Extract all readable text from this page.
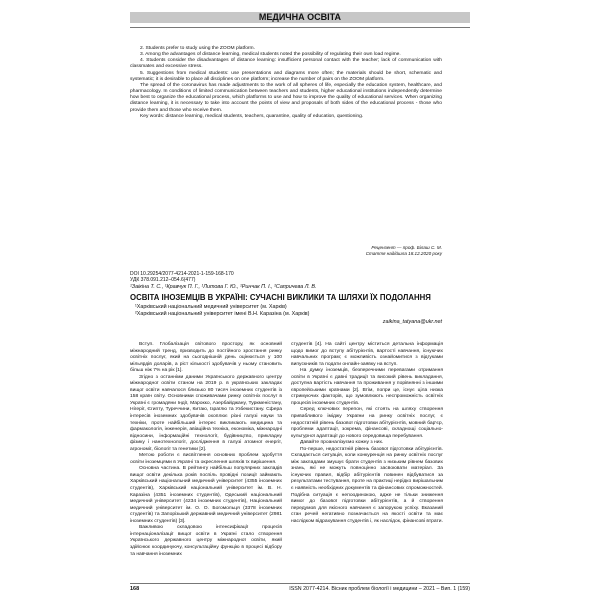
МЕДИЧНА ОСВІТА

2. Students prefer to study using the ZOOM platform.

3. Among the advantages of distance learning, medical students noted the possibility of regulating their own load regime.

4. Students consider the disadvantages of distance learning: insufficient personal contact with the teacher; lack of communication with classmates and excessive stress.

5. Suggestions from medical students: use presentations and diagrams more often; the materials should be short, schematic and systematic; it is desirable to place all disciplines on one platform; increase the number of pairs on the ZOOM platform.

The spread of the coronavirus has made adjustments to the work of all spheres of life, especially the education system, healthcare, and pharmacology. In conditions of limited communication between teachers and students, higher educational institutions independently determine how best to organize the educational process, which platforms to use and how to improve the quality of educational services. When organizing distance learning, it is necessary to take into account the points of view and proposals of both sides of the educational process - those who provide them and those who receive them.

Key words: distance learning, medical students, teachers, quarantine, quality of education, questioning.

Рецензент — проф. Білаш С. М.
Стаття надійшла 18.12.2020 року
DOI 10.29254/2077-4214-2021-1-159-168-170
УДК 378.091.212–054.6(477)
¹Заікіна Т. С., ¹Кравчук П. Г., ¹Литова Г. Ю., ¹Ринчак П. І., ²Сапричева Л. В.
ОСВІТА ІНОЗЕМЦІВ В УКРАЇНІ: СУЧАСНІ ВИКЛИКИ ТА ШЛЯХИ ЇХ ПОДОЛАННЯ
¹Харківський національний медичний університет (м. Харків)
²Харківський національний університет імені В.Н. Каразіна (м. Харків)
zaikina_tatyana@ukr.net

Вступ. Глобалізація світового простору, як основний міжнародний тренд, призводить до постійного зростання ринку освітніх послуг, який на сьогоднішній день оцінюється у 100 мільярдів доларів, а ріст кількості здобувачів у ньому становить більш ніж 7% на рік [1].

Згідно з останніми даними Українського державного центру міжнародної освіти станом на 2019 р. в українських закладах вищої освіти навчалося близько 80 тисяч іноземних студентів із 158 країн світу. Основними споживачами ринку освітніх послуг в Україні є громадяни Індії, Марокко, Азербайджану, Туркменістану, Нігерії, Єгипту, Туреччини, Китаю, Ізраїлю та Узбекистану. Сфера інтересів іноземних здобувачів охоплює різні галузі науки та техніки, проте найбільший інтерес викликають медицина та фармакологія, інженерія, авіаційна техніка, економіка, міжнародні відносини, інформаційні технології, будівництво, прикладну фізику і нанотехнології, дослідження в галузі атомної енергії, агрономії, біології та генетики [2].

Метою роботи є висвітлення основних проблем здобуття освіти іноземцями в Україні та окреслення шляхів їх вирішення.

Основна частина. В рейтингу найбільш популярних закладів вищої освіти декілька років поспіль провідні позиції займають Харківський національний медичний університет (4355 іноземних студентів), Харківський національний університет ім. В. Н. Каразіна (4351 іноземних студентів), Одеський національний медичний університет (4234 іноземних студентів), Національний медичний університет ім. О. О. Богомольця (3378 іноземних студентів) та Запорізький державний медичний університет (2981 іноземних студентів) [3].

Важливою складовою інтенсифікації процесів інтернаціоналізації вищої освіти в Україні стало створення Українського державного центру міжнародної освіти, який здійснює координуючу, консультаційну функцію в процесі відбору та навчання іноземних

студентів [4]. На сайті центру міститься детальна інформація щодо вимог до вступу абітурієнтів, вартості навчання, існуючих навчальних програм; є можливість ознайомитися з відгуками випускників та подати онлайн-заявку на вступ.

На думку іноземців, безперечними перевагами отримання освіти в Україні є давні традиції та високий рівень викладання, доступна вартість навчання та проживання у порівнянні з іншими європейськими країнами [2]. Втім, попри це, існує ціла низка стримуючих факторів, що зумовлюють неспроможність освітніх процесів іноземних студентів.

Серед ключових перепон, які стоять на шляху створення привабливого іміджу України на ринку освітніх послуг, є недостатній рівень базової підготовки абітурієнтів, мовний бар'єр, проблеми адаптації, зокрема, фінансові, складнощі соціально-культурної адаптації до нового середовища перебування.

Давайте проаналізуємо кожну з них.

По-перше, недостатній рівень базової підготовки абітурієнтів. Складається ситуація, коли конкуренція на ринку освітніх послуг між закладами змушує брати студентів з низьким рівнем базових знань, які не можуть повноцінно засвоювати матеріал. За існуючих правил, відбір абітурієнтів повинен відбуватися за результатами тестування, проте на практиці нерідко вирішальним є наявність необхідних документів та фінансових спроможностей. Подібна ситуація є непоодинокою, адже не тільки зниження вимог до базової підготовки абітурієнтів, а й створення передумов для якісного навчання є запорукою успіху. Вказаний стан речей негативно позначається на якості освіти та має наслідком відрахування студентів і, як наслідок, фінансові втрати.

168	ISSN 2077-4214. Вісник проблем біології і медицини – 2021 – Вип. 1 (159)
